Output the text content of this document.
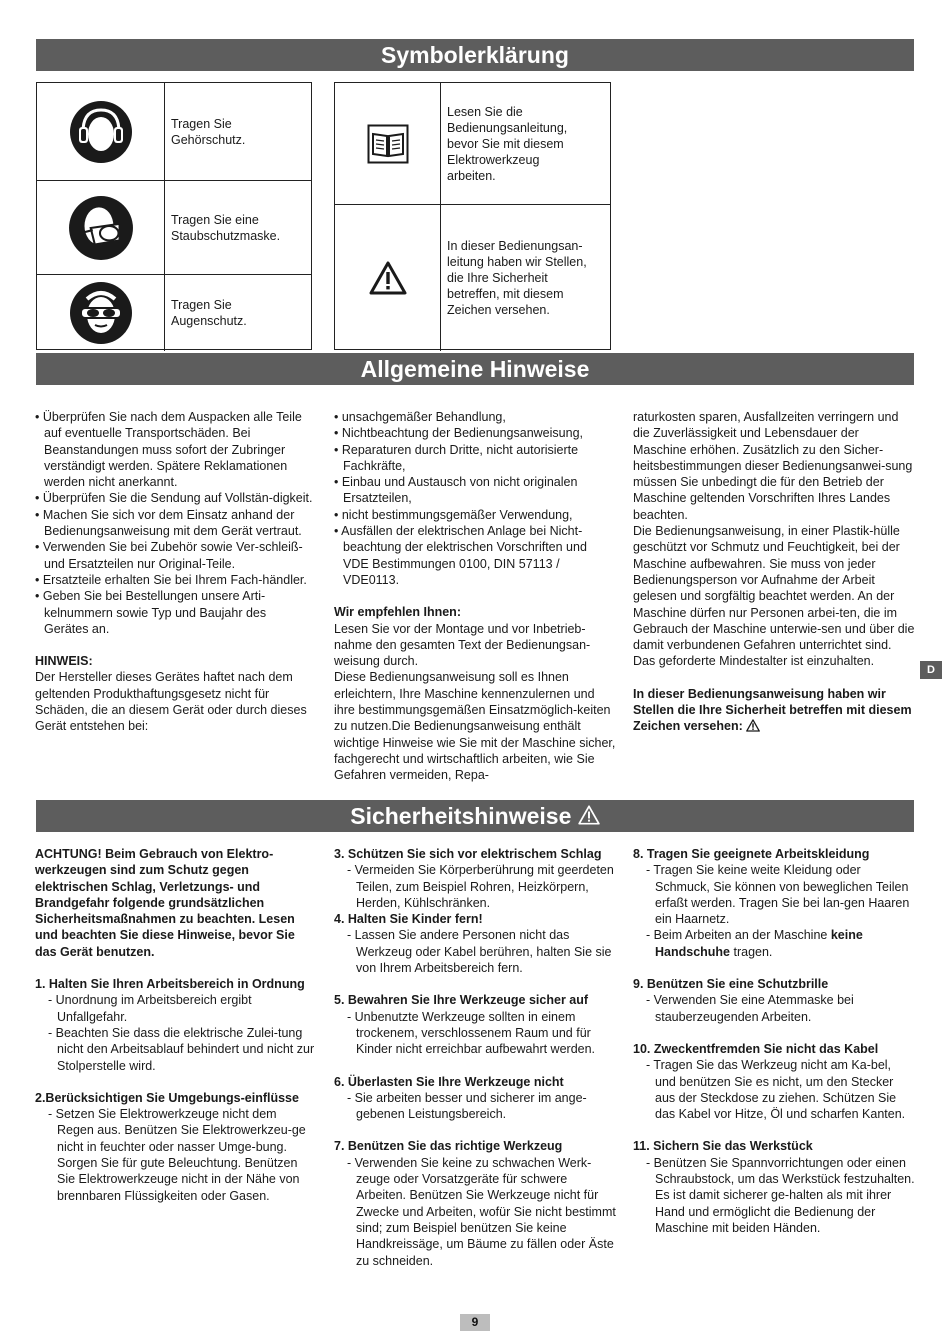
Symbolerklärung
Tragen Sie
Gehörschutz.
Tragen Sie eine
Staubschutzmaske.
Tragen Sie
Augenschutz.
Lesen Sie die
Bedienungsanleitung,
bevor Sie mit diesem
Elektrowerkzeug
arbeiten.
In dieser Bedienungsan-
leitung haben wir Stellen,
die Ihre Sicherheit
betreffen, mit diesem
Zeichen versehen.
Allgemeine Hinweise

• Überprüfen Sie nach dem Auspacken alle Teile auf eventuelle Transportschäden. Bei Beanstandungen muss sofort der Zubringer verständigt werden. Spätere Reklamationen werden nicht anerkannt.

• Überprüfen Sie die Sendung auf Vollstän-digkeit.

• Machen Sie sich vor dem Einsatz anhand der Bedienungsanweisung mit dem Gerät vertraut.

• Verwenden Sie bei Zubehör sowie Ver-schleiß- und Ersatzteilen nur Original-Teile.

• Ersatzteile erhalten Sie bei Ihrem Fach-händler.

• Geben Sie bei Bestellungen unsere Arti-kelnummern sowie Typ und Baujahr des Gerätes an.

HINWEIS:

Der Hersteller dieses Gerätes haftet nach dem geltenden Produkthaftungsgesetz nicht für Schäden, die an diesem Gerät oder durch dieses Gerät entstehen bei:

• unsachgemäßer Behandlung,

• Nichtbeachtung der Bedienungsanweisung,

• Reparaturen durch Dritte, nicht autorisierte Fachkräfte,

• Einbau und Austausch von nicht originalen Ersatzteilen,

• nicht bestimmungsgemäßer Verwendung,

• Ausfällen der elektrischen Anlage bei Nicht-beachtung der elektrischen Vorschriften und VDE Bestimmungen 0100, DIN 57113 / VDE0113.

Wir empfehlen Ihnen:

Lesen Sie vor der Montage und vor Inbetrieb-nahme den gesamten Text der Bedienungsan-weisung durch.
Diese Bedienungsanweisung soll es Ihnen erleichtern, Ihre Maschine kennenzulernen und ihre bestimmungsgemäßen Einsatzmöglich-keiten zu nutzen.Die Bedienungsanweisung enthält wichtige Hinweise wie Sie mit der Maschine sicher, fachgerecht und wirtschaftlich arbeiten, wie Sie Gefahren vermeiden, Repa-

raturkosten sparen, Ausfallzeiten verringern und die Zuverlässigkeit und Lebensdauer der Maschine erhöhen. Zusätzlich zu den Sicher-heitsbestimmungen dieser Bedienungsanwei-sung müssen Sie unbedingt die für den Betrieb der Maschine geltenden Vorschriften Ihres Landes beachten.
Die Bedienungsanweisung, in einer Plastik-hülle geschützt vor Schmutz und Feuchtigkeit, bei der Maschine aufbewahren. Sie muss von jeder Bedienungsperson vor Aufnahme der Arbeit gelesen und sorgfältig beachtet werden. An der Maschine dürfen nur Personen arbei-ten, die im Gebrauch der Maschine unterwie-sen und über die damit verbundenen Gefahren unterrichtet sind. Das geforderte Mindestalter ist einzuhalten.

In dieser Bedienungsanweisung haben wir Stellen die Ihre Sicherheit betreffen mit diesem Zeichen versehen:

D
Sicherheitshinweise

ACHTUNG! Beim Gebrauch von Elektro-werkzeugen sind zum Schutz gegen elektrischen Schlag, Verletzungs- und Brandgefahr folgende grundsätzlichen Sicherheitsmaßnahmen zu beachten. Lesen und beachten Sie diese Hinweise, bevor Sie das Gerät benutzen.

1. Halten Sie Ihren Arbeitsbereich in Ordnung

- Unordnung im Arbeitsbereich ergibt Unfallgefahr.

- Beachten Sie dass die elektrische Zulei-tung nicht den Arbeitsablauf behindert und nicht zur Stolperstelle wird.

2.Berücksichtigen Sie Umgebungs-einflüsse

- Setzen Sie Elektrowerkzeuge nicht dem Regen aus. Benützen Sie Elektrowerkzeu-ge nicht in feuchter oder nasser Umge-bung. Sorgen Sie für gute Beleuchtung. Benützen Sie Elektrowerkzeuge nicht in der Nähe von brennbaren Flüssigkeiten oder Gasen.

3. Schützen Sie sich vor elektrischem Schlag

- Vermeiden Sie Körperberührung mit geerdeten Teilen, zum Beispiel Rohren, Heizkörpern, Herden, Kühlschränken.

4. Halten Sie Kinder fern!

- Lassen Sie andere Personen nicht das Werkzeug oder Kabel berühren, halten Sie sie von Ihrem Arbeitsbereich fern.

5. Bewahren Sie Ihre Werkzeuge sicher auf

- Unbenutzte Werkzeuge sollten in einem trockenem, verschlossenem Raum und für Kinder nicht erreichbar aufbewahrt werden.

6. Überlasten Sie Ihre Werkzeuge nicht

- Sie arbeiten besser und sicherer im ange-gebenen Leistungsbereich.

7. Benützen Sie das richtige Werkzeug

- Verwenden Sie keine zu schwachen Werk-zeuge oder Vorsatzgeräte für schwere Arbeiten. Benützen Sie Werkzeuge nicht für Zwecke und Arbeiten, wofür Sie nicht bestimmt sind; zum Beispiel benützen Sie keine Handkreissäge, um Bäume zu fällen oder Äste zu schneiden.

8. Tragen Sie geeignete Arbeitskleidung

- Tragen Sie keine weite Kleidung oder Schmuck, Sie können von beweglichen Teilen erfaßt werden. Tragen Sie bei lan-gen Haaren ein Haarnetz.

- Beim Arbeiten an der Maschine keine Handschuhe tragen.

9. Benützen Sie eine Schutzbrille

- Verwenden Sie eine Atemmaske bei stauberzeugenden Arbeiten.

10. Zweckentfremden Sie nicht das Kabel

- Tragen Sie das Werkzeug nicht am Ka-bel, und benützen Sie es nicht, um den Stecker aus der Steckdose zu ziehen. Schützen Sie das Kabel vor Hitze, Öl und scharfen Kanten.

11. Sichern Sie das Werkstück

- Benützen Sie Spannvorrichtungen oder einen Schraubstock, um das Werkstück festzuhalten. Es ist damit sicherer ge-halten als mit ihrer Hand und ermöglicht die Bedienung der Maschine mit beiden Händen.

9
